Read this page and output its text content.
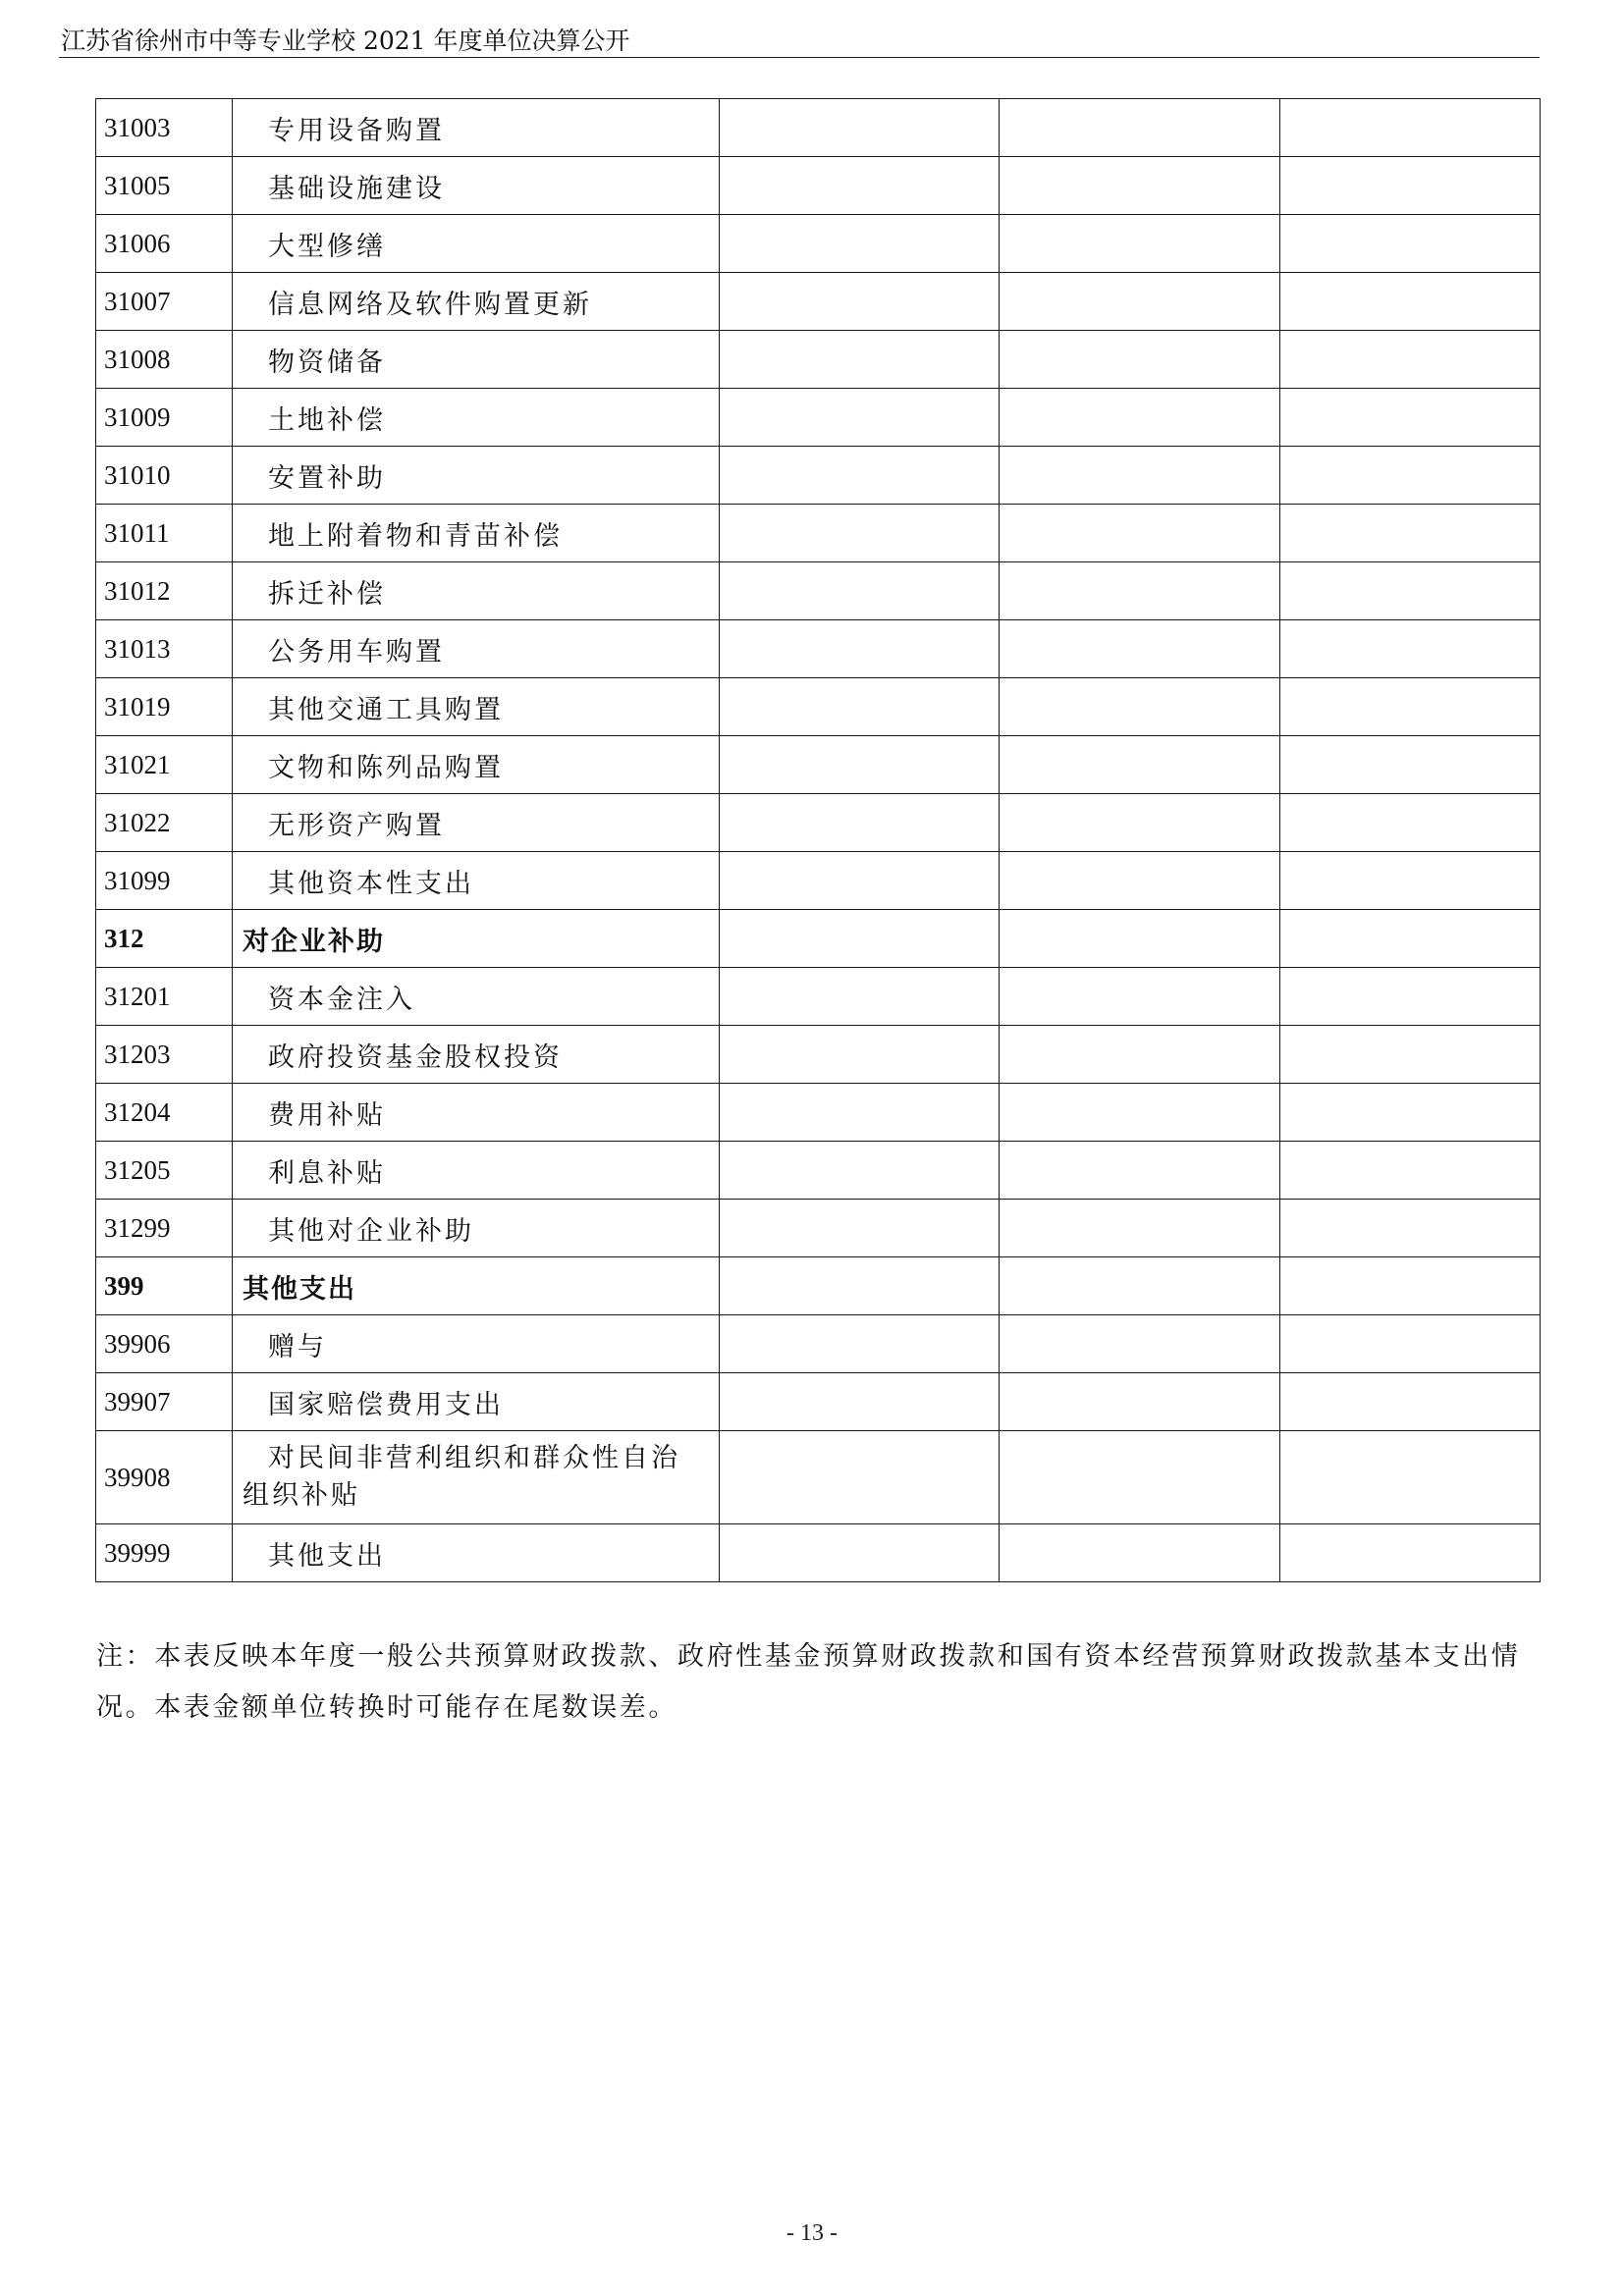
江苏省徐州市中等专业学校 2021 年度单位决算公开
31003	专用设备购置			
31005	基础设施建设			
31006	大型修缮			
31007	信息网络及软件购置更新			
31008	物资储备			
31009	土地补偿			
31010	安置补助			
31011	地上附着物和青苗补偿			
31012	拆迁补偿			
31013	公务用车购置			
31019	其他交通工具购置			
31021	文物和陈列品购置			
31022	无形资产购置			
31099	其他资本性支出			
312	对企业补助			
31201	资本金注入			
31203	政府投资基金股权投资			
31204	费用补贴			
31205	利息补贴			
31299	其他对企业补助			
399	其他支出			
39906	赠与			
39907	国家赔偿费用支出			
39908	对民间非营利组织和群众性自治
组织补贴			
39999	其他支出			
注：本表反映本年度一般公共预算财政拨款、政府性基金预算财政拨款和国有资本经营预算财政拨款基本支出情况。本表金额单位转换时可能存在尾数误差。
- 13 -
